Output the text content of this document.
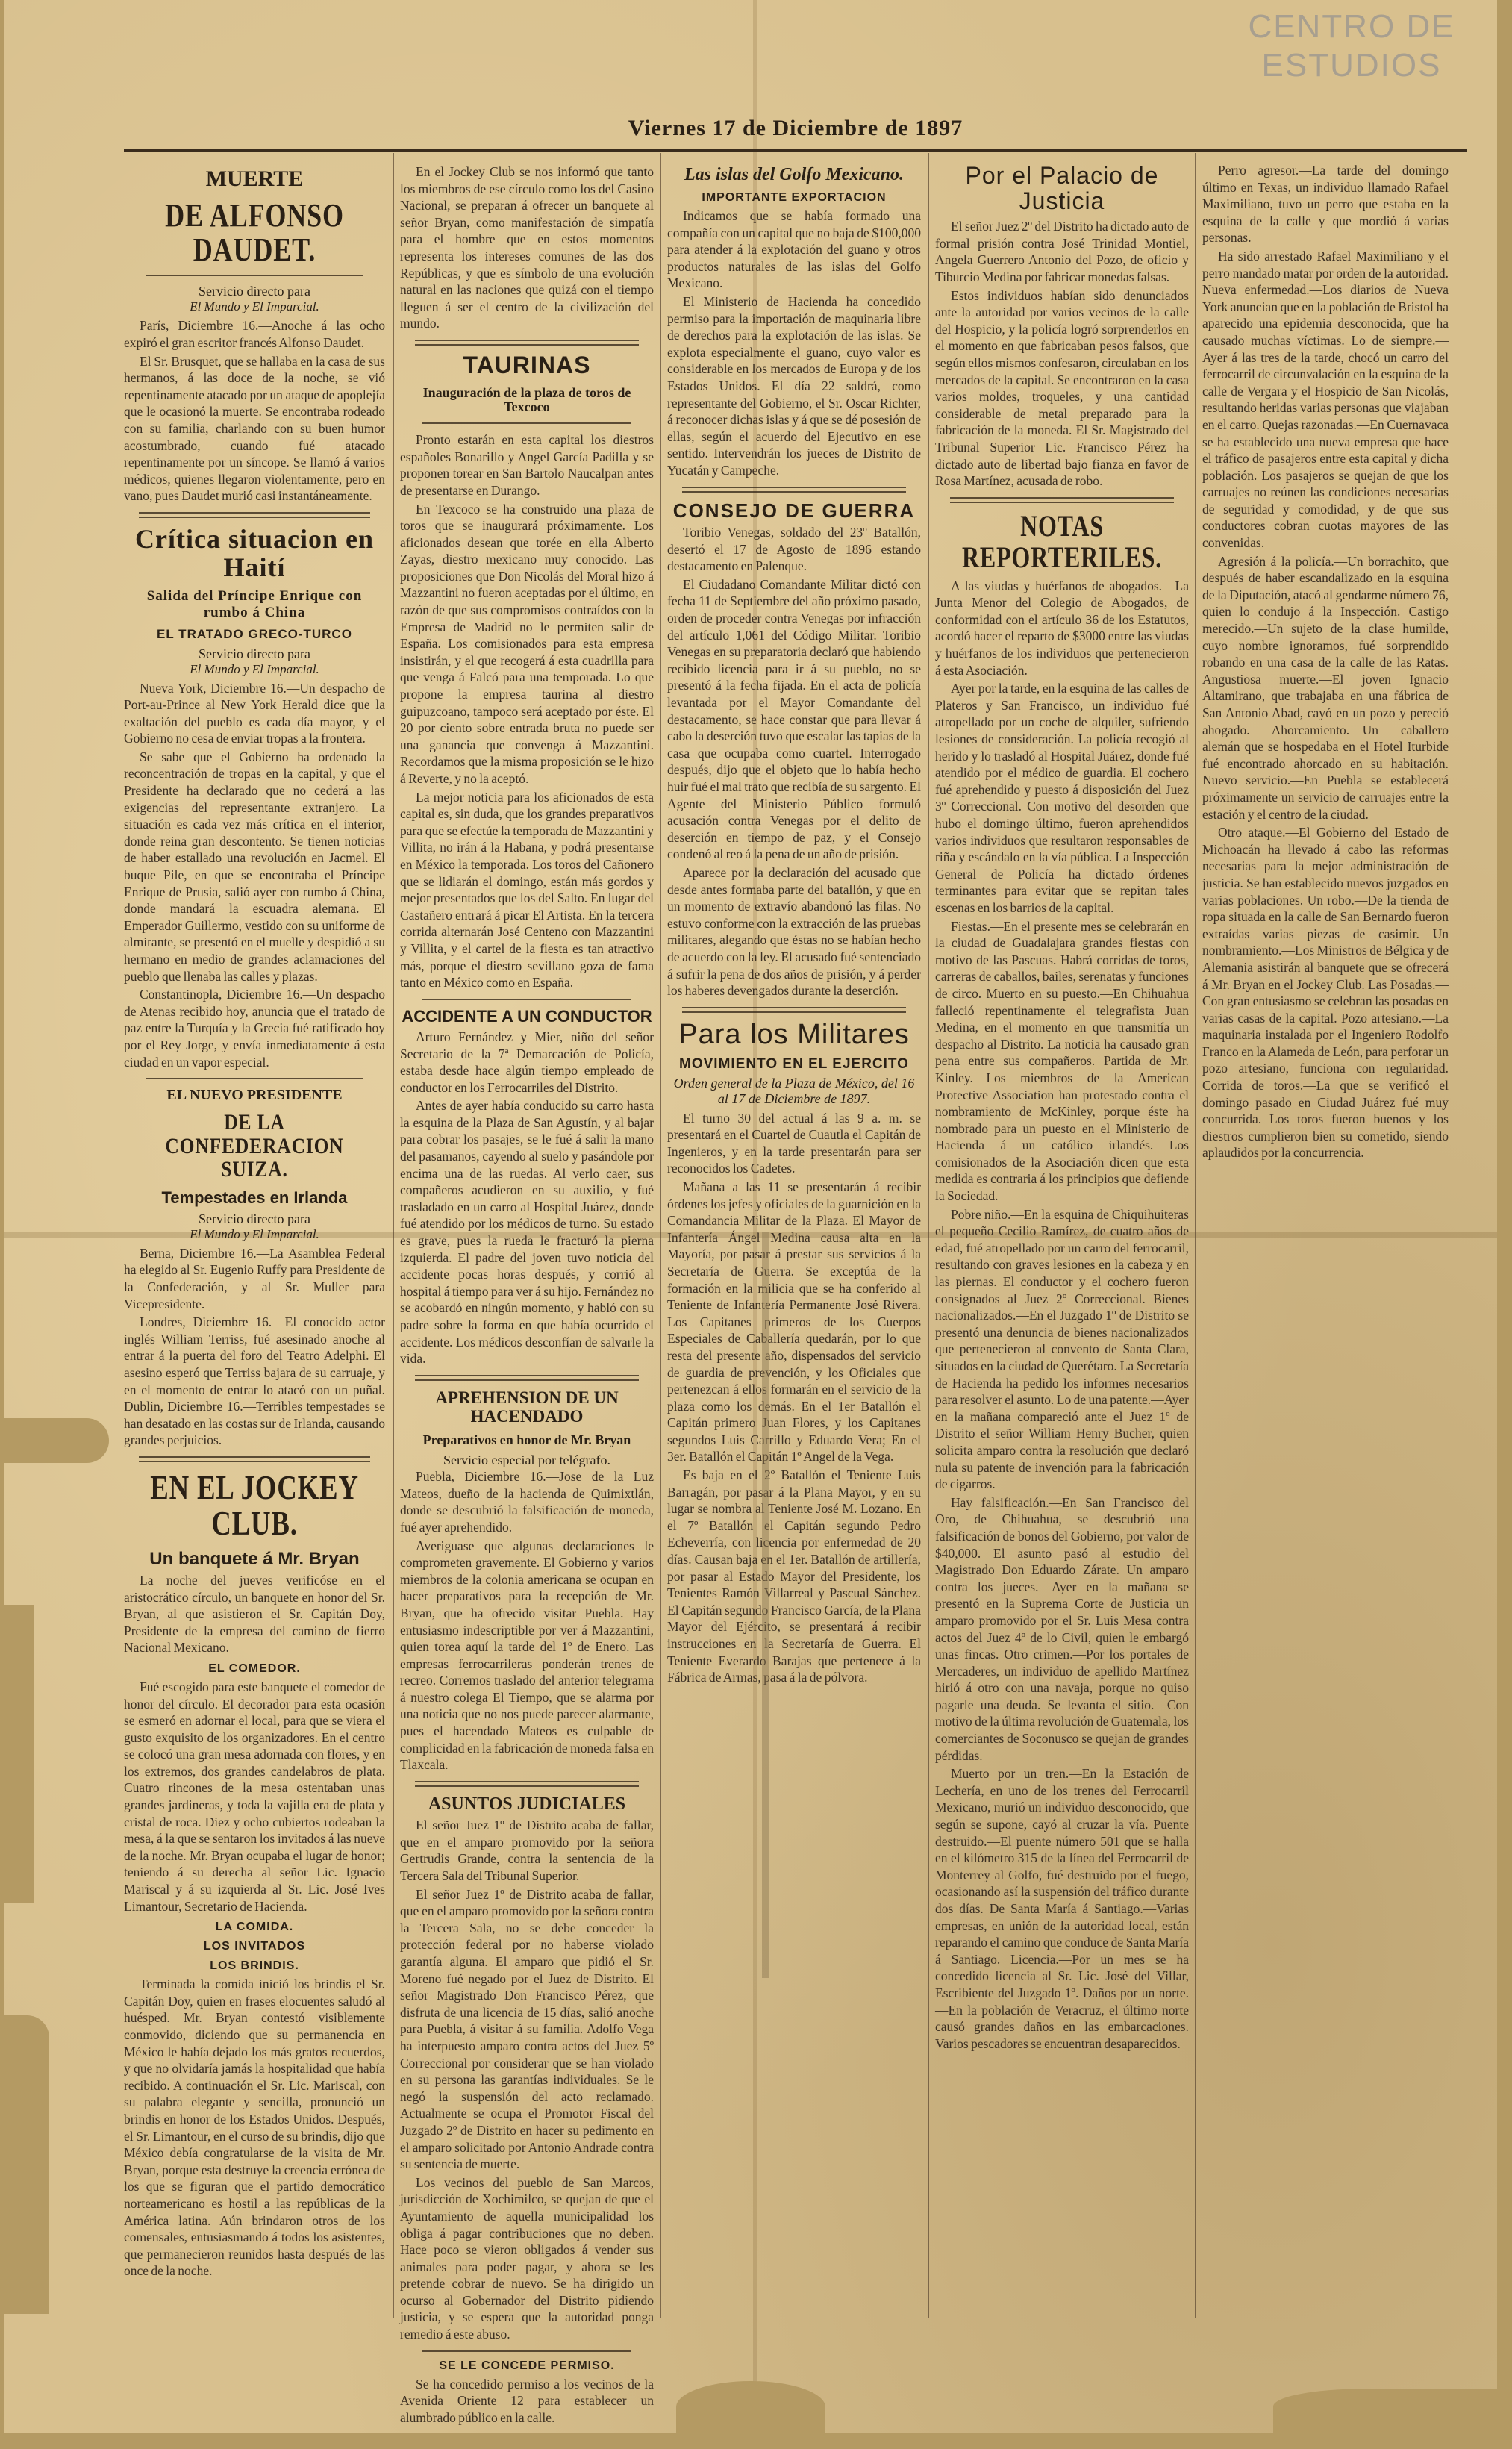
CENTRO DE
ESTUDIOS
Viernes 17 de Diciembre de 1897
MUERTE
DE ALFONSO DAUDET.
Servicio directo para
El Mundo y El Imparcial.

París, Diciembre 16.—Anoche á las ocho expiró el gran escritor francés Alfonso Daudet.

El Sr. Brusquet, que se hallaba en la casa de sus hermanos, á las doce de la noche, se vió repentinamente atacado por un ataque de apoplejía que le ocasionó la muerte. Se encontraba rodeado con su familia, charlando con su buen humor acostumbrado, cuando fué atacado repentinamente por un síncope. Se llamó á varios médicos, quienes llegaron violentamente, pero en vano, pues Daudet murió casi instantáneamente.

Crítica situacion en Haití
Salida del Príncipe Enrique con rumbo á China
EL TRATADO GRECO-TURCO
Servicio directo para
El Mundo y El Imparcial.

Nueva York, Diciembre 16.—Un despacho de Port-au-Prince al New York Herald dice que la exaltación del pueblo es cada día mayor, y el Gobierno no cesa de enviar tropas a la frontera.

Se sabe que el Gobierno ha ordenado la reconcentración de tropas en la capital, y que el Presidente ha declarado que no cederá a las exigencias del representante extranjero. La situación es cada vez más crítica en el interior, donde reina gran descontento. Se tienen noticias de haber estallado una revolución en Jacmel. El buque Pile, en que se encontraba el Príncipe Enrique de Prusia, salió ayer con rumbo á China, donde mandará la escuadra alemana. El Emperador Guillermo, vestido con su uniforme de almirante, se presentó en el muelle y despidió a su hermano en medio de grandes aclamaciones del pueblo que llenaba las calles y plazas.

Constantinopla, Diciembre 16.—Un despacho de Atenas recibido hoy, anuncia que el tratado de paz entre la Turquía y la Grecia fué ratificado hoy por el Rey Jorge, y envía inmediatamente á esta ciudad en un vapor especial.

EL NUEVO PRESIDENTE
DE LA CONFEDERACION SUIZA.
Tempestades en Irlanda
Servicio directo para
El Mundo y El Imparcial.

Berna, Diciembre 16.—La Asamblea Federal ha elegido al Sr. Eugenio Ruffy para Presidente de la Confederación, y al Sr. Muller para Vicepresidente.

Londres, Diciembre 16.—El conocido actor inglés William Terriss, fué asesinado anoche al entrar á la puerta del foro del Teatro Adelphi. El asesino esperó que Terriss bajara de su carruaje, y en el momento de entrar lo atacó con un puñal. Dublin, Diciembre 16.—Terribles tempestades se han desatado en las costas sur de Irlanda, causando grandes perjuicios.

EN EL JOCKEY CLUB.
Un banquete á Mr. Bryan

La noche del jueves verificóse en el aristocrático círculo, un banquete en honor del Sr. Bryan, al que asistieron el Sr. Capitán Doy, Presidente de la empresa del camino de fierro Nacional Mexicano.

EL COMEDOR.

Fué escogido para este banquete el comedor de honor del círculo. El decorador para esta ocasión se esmeró en adornar el local, para que se viera el gusto exquisito de los organizadores. En el centro se colocó una gran mesa adornada con flores, y en los extremos, dos grandes candelabros de plata. Cuatro rincones de la mesa ostentaban unas grandes jardineras, y toda la vajilla era de plata y cristal de roca. Diez y ocho cubiertos rodeaban la mesa, á la que se sentaron los invitados á las nueve de la noche. Mr. Bryan ocupaba el lugar de honor; teniendo á su derecha al señor Lic. Ignacio Mariscal y á su izquierda al Sr. Lic. José Ives Limantour, Secretario de Hacienda.

LA COMIDA.
LOS INVITADOS
LOS BRINDIS.

Terminada la comida inició los brindis el Sr. Capitán Doy, quien en frases elocuentes saludó al huésped. Mr. Bryan contestó visiblemente conmovido, diciendo que su permanencia en México le había dejado los más gratos recuerdos, y que no olvidaría jamás la hospitalidad que había recibido. A continuación el Sr. Lic. Mariscal, con su palabra elegante y sencilla, pronunció un brindis en honor de los Estados Unidos. Después, el Sr. Limantour, en el curso de su brindis, dijo que México debía congratularse de la visita de Mr. Bryan, porque esta destruye la creencia errónea de los que se figuran que el partido democrático norteamericano es hostil a las repúblicas de la América latina. Aún brindaron otros de los comensales, entusiasmando á todos los asistentes, que permanecieron reunidos hasta después de las once de la noche.

En el Jockey Club se nos informó que tanto los miembros de ese círculo como los del Casino Nacional, se preparan á ofrecer un banquete al señor Bryan, como manifestación de simpatía para el hombre que en estos momentos representa los intereses comunes de las dos Repúblicas, y que es símbolo de una evolución natural en las naciones que quizá con el tiempo lleguen á ser el centro de la civilización del mundo.

TAURINAS
Inauguración de la plaza de toros de Texcoco

Pronto estarán en esta capital los diestros españoles Bonarillo y Angel García Padilla y se proponen torear en San Bartolo Naucalpan antes de presentarse en Durango.

En Texcoco se ha construido una plaza de toros que se inaugurará próximamente. Los aficionados desean que torée en ella Alberto Zayas, diestro mexicano muy conocido. Las proposiciones que Don Nicolás del Moral hizo á Mazzantini no fueron aceptadas por el último, en razón de que sus compromisos contraídos con la Empresa de Madrid no le permiten salir de España. Los comisionados para esta empresa insistirán, y el que recogerá á esta cuadrilla para que venga á Falcó para una temporada. Lo que propone la empresa taurina al diestro guipuzcoano, tampoco será aceptado por éste. El 20 por ciento sobre entrada bruta no puede ser una ganancia que convenga á Mazzantini. Recordamos que la misma proposición se le hizo á Reverte, y no la aceptó.

La mejor noticia para los aficionados de esta capital es, sin duda, que los grandes preparativos para que se efectúe la temporada de Mazzantini y Villita, no irán á la Habana, y podrá presentarse en México la temporada. Los toros del Cañonero que se lidiarán el domingo, están más gordos y mejor presentados que los del Salto. En lugar del Castañero entrará á picar El Artista. En la tercera corrida alternarán José Centeno con Mazzantini y Villita, y el cartel de la fiesta es tan atractivo más, porque el diestro sevillano goza de fama tanto en México como en España.

ACCIDENTE A UN CONDUCTOR

Arturo Fernández y Mier, niño del señor Secretario de la 7ª Demarcación de Policía, estaba desde hace algún tiempo empleado de conductor en los Ferrocarriles del Distrito.

Antes de ayer había conducido su carro hasta la esquina de la Plaza de San Agustín, y al bajar para cobrar los pasajes, se le fué á salir la mano del pasamanos, cayendo al suelo y pasándole por encima una de las ruedas. Al verlo caer, sus compañeros acudieron en su auxilio, y fué trasladado en un carro al Hospital Juárez, donde fué atendido por los médicos de turno. Su estado es grave, pues la rueda le fracturó la pierna izquierda. El padre del joven tuvo noticia del accidente pocas horas después, y corrió al hospital á tiempo para ver á su hijo. Fernández no se acobardó en ningún momento, y habló con su padre sobre la forma en que había ocurrido el accidente. Los médicos desconfían de salvarle la vida.

APREHENSION DE UN HACENDADO
Preparativos en honor de Mr. Bryan
Servicio especial por telégrafo.

Puebla, Diciembre 16.—Jose de la Luz Mateos, dueño de la hacienda de Quimixtlán, donde se descubrió la falsificación de moneda, fué ayer aprehendido.

Averiguase que algunas declaraciones le comprometen gravemente. El Gobierno y varios miembros de la colonia americana se ocupan en hacer preparativos para la recepción de Mr. Bryan, que ha ofrecido visitar Puebla. Hay entusiasmo indescriptible por ver á Mazzantini, quien torea aquí la tarde del 1º de Enero. Las empresas ferrocarrileras ponderán trenes de recreo. Corremos traslado del anterior telegrama á nuestro colega El Tiempo, que se alarma por una noticia que no nos puede parecer alarmante, pues el hacendado Mateos es culpable de complicidad en la fabricación de moneda falsa en Tlaxcala.

ASUNTOS JUDICIALES

El señor Juez 1º de Distrito acaba de fallar, que en el amparo promovido por la señora Gertrudis Grande, contra la sentencia de la Tercera Sala del Tribunal Superior.

El señor Juez 1º de Distrito acaba de fallar, que en el amparo promovido por la señora contra la Tercera Sala, no se debe conceder la protección federal por no haberse violado garantía alguna. El amparo que pidió el Sr. Moreno fué negado por el Juez de Distrito. El señor Magistrado Don Francisco Pérez, que disfruta de una licencia de 15 días, salió anoche para Puebla, á visitar á su familia. Adolfo Vega ha interpuesto amparo contra actos del Juez 5º Correccional por considerar que se han violado en su persona las garantías individuales. Se le negó la suspensión del acto reclamado. Actualmente se ocupa el Promotor Fiscal del Juzgado 2º de Distrito en hacer su pedimento en el amparo solicitado por Antonio Andrade contra su sentencia de muerte.

Los vecinos del pueblo de San Marcos, jurisdicción de Xochimilco, se quejan de que el Ayuntamiento de aquella municipalidad los obliga á pagar contribuciones que no deben. Hace poco se vieron obligados á vender sus animales para poder pagar, y ahora se les pretende cobrar de nuevo. Se ha dirigido un ocurso al Gobernador del Distrito pidiendo justicia, y se espera que la autoridad ponga remedio á este abuso.

SE LE CONCEDE PERMISO.

Se ha concedido permiso a los vecinos de la Avenida Oriente 12 para establecer un alumbrado público en la calle.

Las islas del Golfo Mexicano.
IMPORTANTE EXPORTACION

Indicamos que se había formado una compañía con un capital que no baja de $100,000 para atender á la explotación del guano y otros productos naturales de las islas del Golfo Mexicano.

El Ministerio de Hacienda ha concedido permiso para la importación de maquinaria libre de derechos para la explotación de las islas. Se explota especialmente el guano, cuyo valor es considerable en los mercados de Europa y de los Estados Unidos. El día 22 saldrá, como representante del Gobierno, el Sr. Oscar Richter, á reconocer dichas islas y á que se dé posesión de ellas, según el acuerdo del Ejecutivo en ese sentido. Intervendrán los jueces de Distrito de Yucatán y Campeche.

CONSEJO DE GUERRA

Toribio Venegas, soldado del 23º Batallón, desertó el 17 de Agosto de 1896 estando destacamento en Palenque.

El Ciudadano Comandante Militar dictó con fecha 11 de Septiembre del año próximo pasado, orden de proceder contra Venegas por infracción del artículo 1,061 del Código Militar. Toribio Venegas en su preparatoria declaró que habiendo recibido licencia para ir á su pueblo, no se presentó á la fecha fijada. En el acta de policía levantada por el Mayor Comandante del destacamento, se hace constar que para llevar á cabo la deserción tuvo que escalar las tapias de la casa que ocupaba como cuartel. Interrogado después, dijo que el objeto que lo había hecho huir fué el mal trato que recibía de su sargento. El Agente del Ministerio Público formuló acusación contra Venegas por el delito de deserción en tiempo de paz, y el Consejo condenó al reo á la pena de un año de prisión.

Aparece por la declaración del acusado que desde antes formaba parte del batallón, y que en un momento de extravío abandonó las filas. No estuvo conforme con la extracción de las pruebas militares, alegando que éstas no se habían hecho de acuerdo con la ley. El acusado fué sentenciado á sufrir la pena de dos años de prisión, y á perder los haberes devengados durante la deserción.

Para los Militares
MOVIMIENTO EN EL EJERCITO
Orden general de la Plaza de México, del 16 al 17 de Diciembre de 1897.

El turno 30 del actual á las 9 a. m. se presentará en el Cuartel de Cuautla el Capitán de Ingenieros, y en la tarde presentarán para ser reconocidos los Cadetes.

Mañana a las 11 se presentarán á recibir órdenes los jefes y oficiales de la guarnición en la Comandancia Militar de la Plaza. El Mayor de Infantería Ángel Medina causa alta en la Mayoría, por pasar á prestar sus servicios á la Secretaría de Guerra. Se exceptúa de la formación en la milicia que se ha conferido al Teniente de Infantería Permanente José Rivera. Los Capitanes primeros de los Cuerpos Especiales de Caballería quedarán, por lo que resta del presente año, dispensados del servicio de guardia de prevención, y los Oficiales que pertenezcan á ellos formarán en el servicio de la plaza como los demás. En el 1er Batallón el Capitán primero Juan Flores, y los Capitanes segundos Luis Carrillo y Eduardo Vera; En el 3er. Batallón el Capitán 1º Angel de la Vega.

Es baja en el 2º Batallón el Teniente Luis Barragán, por pasar á la Plana Mayor, y en su lugar se nombra al Teniente José M. Lozano. En el 7º Batallón el Capitán segundo Pedro Echeverría, con licencia por enfermedad de 20 días. Causan baja en el 1er. Batallón de artillería, por pasar al Estado Mayor del Presidente, los Tenientes Ramón Villarreal y Pascual Sánchez. El Capitán segundo Francisco García, de la Plana Mayor del Ejército, se presentará á recibir instrucciones en la Secretaría de Guerra. El Teniente Everardo Barajas que pertenece á la Fábrica de Armas, pasa á la de pólvora.

Por el Palacio de Justicia

El señor Juez 2º del Distrito ha dictado auto de formal prisión contra José Trinidad Montiel, Angela Guerrero Antonio del Pozo, de oficio y Tiburcio Medina por fabricar monedas falsas.

Estos individuos habían sido denunciados ante la autoridad por varios vecinos de la calle del Hospicio, y la policía logró sorprenderlos en el momento en que fabricaban pesos falsos, que según ellos mismos confesaron, circulaban en los mercados de la capital. Se encontraron en la casa varios moldes, troqueles, y una cantidad considerable de metal preparado para la fabricación de la moneda. El Sr. Magistrado del Tribunal Superior Lic. Francisco Pérez ha dictado auto de libertad bajo fianza en favor de Rosa Martínez, acusada de robo.

NOTAS REPORTERILES.

A las viudas y huérfanos de abogados.—La Junta Menor del Colegio de Abogados, de conformidad con el artículo 36 de los Estatutos, acordó hacer el reparto de $3000 entre las viudas y huérfanos de los individuos que pertenecieron á esta Asociación.

Ayer por la tarde, en la esquina de las calles de Plateros y San Francisco, un individuo fué atropellado por un coche de alquiler, sufriendo lesiones de consideración. La policía recogió al herido y lo trasladó al Hospital Juárez, donde fué atendido por el médico de guardia. El cochero fué aprehendido y puesto á disposición del Juez 3º Correccional. Con motivo del desorden que hubo el domingo último, fueron aprehendidos varios individuos que resultaron responsables de riña y escándalo en la vía pública. La Inspección General de Policía ha dictado órdenes terminantes para evitar que se repitan tales escenas en los barrios de la capital.

Fiestas.—En el presente mes se celebrarán en la ciudad de Guadalajara grandes fiestas con motivo de las Pascuas. Habrá corridas de toros, carreras de caballos, bailes, serenatas y funciones de circo. Muerto en su puesto.—En Chihuahua falleció repentinamente el telegrafista Juan Medina, en el momento en que transmitía un despacho al Distrito. La noticia ha causado gran pena entre sus compañeros. Partida de Mr. Kinley.—Los miembros de la American Protective Association han protestado contra el nombramiento de McKinley, porque éste ha nombrado para un puesto en el Ministerio de Hacienda á un católico irlandés. Los comisionados de la Asociación dicen que esta medida es contraria á los principios que defiende la Sociedad.

Pobre niño.—En la esquina de Chiquihuiteras el pequeño Cecilio Ramírez, de cuatro años de edad, fué atropellado por un carro del ferrocarril, resultando con graves lesiones en la cabeza y en las piernas. El conductor y el cochero fueron consignados al Juez 2º Correccional. Bienes nacionalizados.—En el Juzgado 1º de Distrito se presentó una denuncia de bienes nacionalizados que pertenecieron al convento de Santa Clara, situados en la ciudad de Querétaro. La Secretaría de Hacienda ha pedido los informes necesarios para resolver el asunto. Lo de una patente.—Ayer en la mañana compareció ante el Juez 1º de Distrito el señor William Henry Bucher, quien solicita amparo contra la resolución que declaró nula su patente de invención para la fabricación de cigarros.

Hay falsificación.—En San Francisco del Oro, de Chihuahua, se descubrió una falsificación de bonos del Gobierno, por valor de $40,000. El asunto pasó al estudio del Magistrado Don Eduardo Zárate. Un amparo contra los jueces.—Ayer en la mañana se presentó en la Suprema Corte de Justicia un amparo promovido por el Sr. Luis Mesa contra actos del Juez 4º de lo Civil, quien le embargó unas fincas. Otro crimen.—Por los portales de Mercaderes, un individuo de apellido Martínez hirió á otro con una navaja, porque no quiso pagarle una deuda. Se levanta el sitio.—Con motivo de la última revolución de Guatemala, los comerciantes de Soconusco se quejan de grandes pérdidas.

Muerto por un tren.—En la Estación de Lechería, en uno de los trenes del Ferrocarril Mexicano, murió un individuo desconocido, que según se supone, cayó al cruzar la vía. Puente destruido.—El puente número 501 que se halla en el kilómetro 315 de la línea del Ferrocarril de Monterrey al Golfo, fué destruido por el fuego, ocasionando así la suspensión del tráfico durante dos días. De Santa María á Santiago.—Varias empresas, en unión de la autoridad local, están reparando el camino que conduce de Santa María á Santiago. Licencia.—Por un mes se ha concedido licencia al Sr. Lic. José del Villar, Escribiente del Juzgado 1º. Daños por un norte.—En la población de Veracruz, el último norte causó grandes daños en las embarcaciones. Varios pescadores se encuentran desaparecidos.

Perro agresor.—La tarde del domingo último en Texas, un individuo llamado Rafael Maximiliano, tuvo un perro que estaba en la esquina de la calle y que mordió á varias personas.

Ha sido arrestado Rafael Maximiliano y el perro mandado matar por orden de la autoridad. Nueva enfermedad.—Los diarios de Nueva York anuncian que en la población de Bristol ha aparecido una epidemia desconocida, que ha causado muchas víctimas. Lo de siempre.—Ayer á las tres de la tarde, chocó un carro del ferrocarril de circunvalación en la esquina de la calle de Vergara y el Hospicio de San Nicolás, resultando heridas varias personas que viajaban en el carro. Quejas razonadas.—En Cuernavaca se ha establecido una nueva empresa que hace el tráfico de pasajeros entre esta capital y dicha población. Los pasajeros se quejan de que los carruajes no reúnen las condiciones necesarias de seguridad y comodidad, y de que sus conductores cobran cuotas mayores de las convenidas.

Agresión á la policía.—Un borrachito, que después de haber escandalizado en la esquina de la Diputación, atacó al gendarme número 76, quien lo condujo á la Inspección. Castigo merecido.—Un sujeto de la clase humilde, cuyo nombre ignoramos, fué sorprendido robando en una casa de la calle de las Ratas. Angustiosa muerte.—El joven Ignacio Altamirano, que trabajaba en una fábrica de San Antonio Abad, cayó en un pozo y pereció ahogado. Ahorcamiento.—Un caballero alemán que se hospedaba en el Hotel Iturbide fué encontrado ahorcado en su habitación. Nuevo servicio.—En Puebla se establecerá próximamente un servicio de carruajes entre la estación y el centro de la ciudad.

Otro ataque.—El Gobierno del Estado de Michoacán ha llevado á cabo las reformas necesarias para la mejor administración de justicia. Se han establecido nuevos juzgados en varias poblaciones. Un robo.—De la tienda de ropa situada en la calle de San Bernardo fueron extraídas varias piezas de casimir. Un nombramiento.—Los Ministros de Bélgica y de Alemania asistirán al banquete que se ofrecerá á Mr. Bryan en el Jockey Club. Las Posadas.—Con gran entusiasmo se celebran las posadas en varias casas de la capital. Pozo artesiano.—La maquinaria instalada por el Ingeniero Rodolfo Franco en la Alameda de León, para perforar un pozo artesiano, funciona con regularidad. Corrida de toros.—La que se verificó el domingo pasado en Ciudad Juárez fué muy concurrida. Los toros fueron buenos y los diestros cumplieron bien su cometido, siendo aplaudidos por la concurrencia.
